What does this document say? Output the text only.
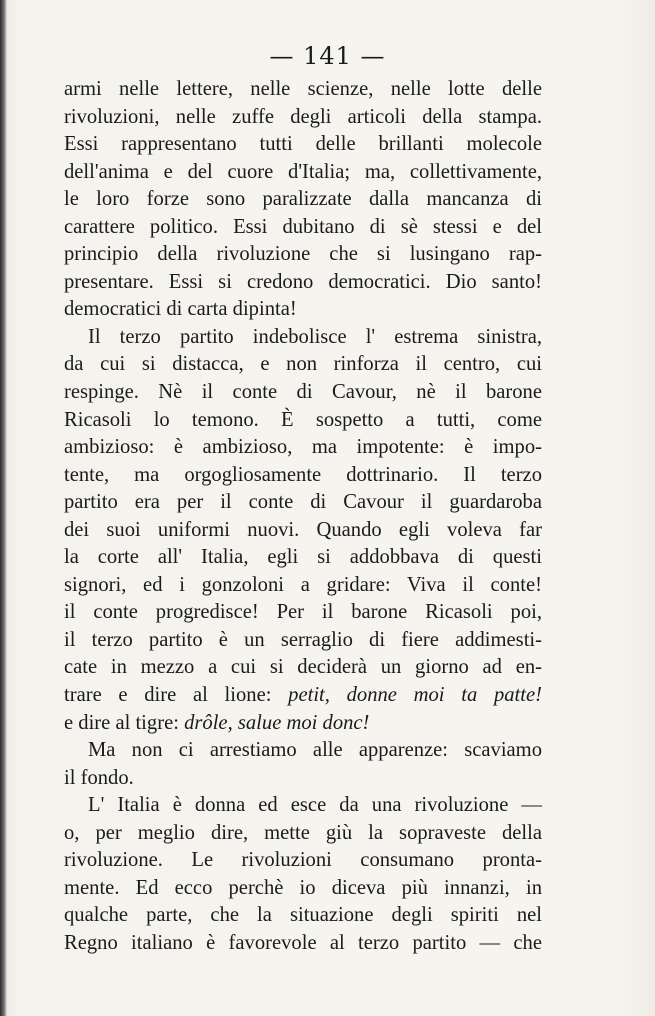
— 141 —
armi nelle lettere, nelle scienze, nelle lotte delle
rivoluzioni, nelle zuffe degli articoli della stampa.
Essi rappresentano tutti delle brillanti molecole
dell'anima e del cuore d'Italia; ma, collettivamente,
le loro forze sono paralizzate dalla mancanza di
carattere politico. Essi dubitano di sè stessi e del
principio della rivoluzione che si lusingano rap-
presentare. Essi si credono democratici. Dio santo!
democratici di carta dipinta!
Il terzo partito indebolisce l' estrema sinistra,
da cui si distacca, e non rinforza il centro, cui
respinge. Nè il conte di Cavour, nè il barone
Ricasoli lo temono. È sospetto a tutti, come
ambizioso: è ambizioso, ma impotente: è impo-
tente, ma orgogliosamente dottrinario. Il terzo
partito era per il conte di Cavour il guardaroba
dei suoi uniformi nuovi. Quando egli voleva far
la corte all' Italia, egli si addobbava di questi
signori, ed i gonzoloni a gridare: Viva il conte!
il conte progredisce! Per il barone Ricasoli poi,
il terzo partito è un serraglio di fiere addimesti-
cate in mezzo a cui si deciderà un giorno ad en-
trare e dire al lione: petit, donne moi ta patte!
e dire al tigre: drôle, salue moi donc!
Ma non ci arrestiamo alle apparenze: scaviamo
il fondo.
L' Italia è donna ed esce da una rivoluzione —
o, per meglio dire, mette giù la sopraveste della
rivoluzione. Le rivoluzioni consumano pronta-
mente. Ed ecco perchè io diceva più innanzi, in
qualche parte, che la situazione degli spiriti nel
Regno italiano è favorevole al terzo partito — che
